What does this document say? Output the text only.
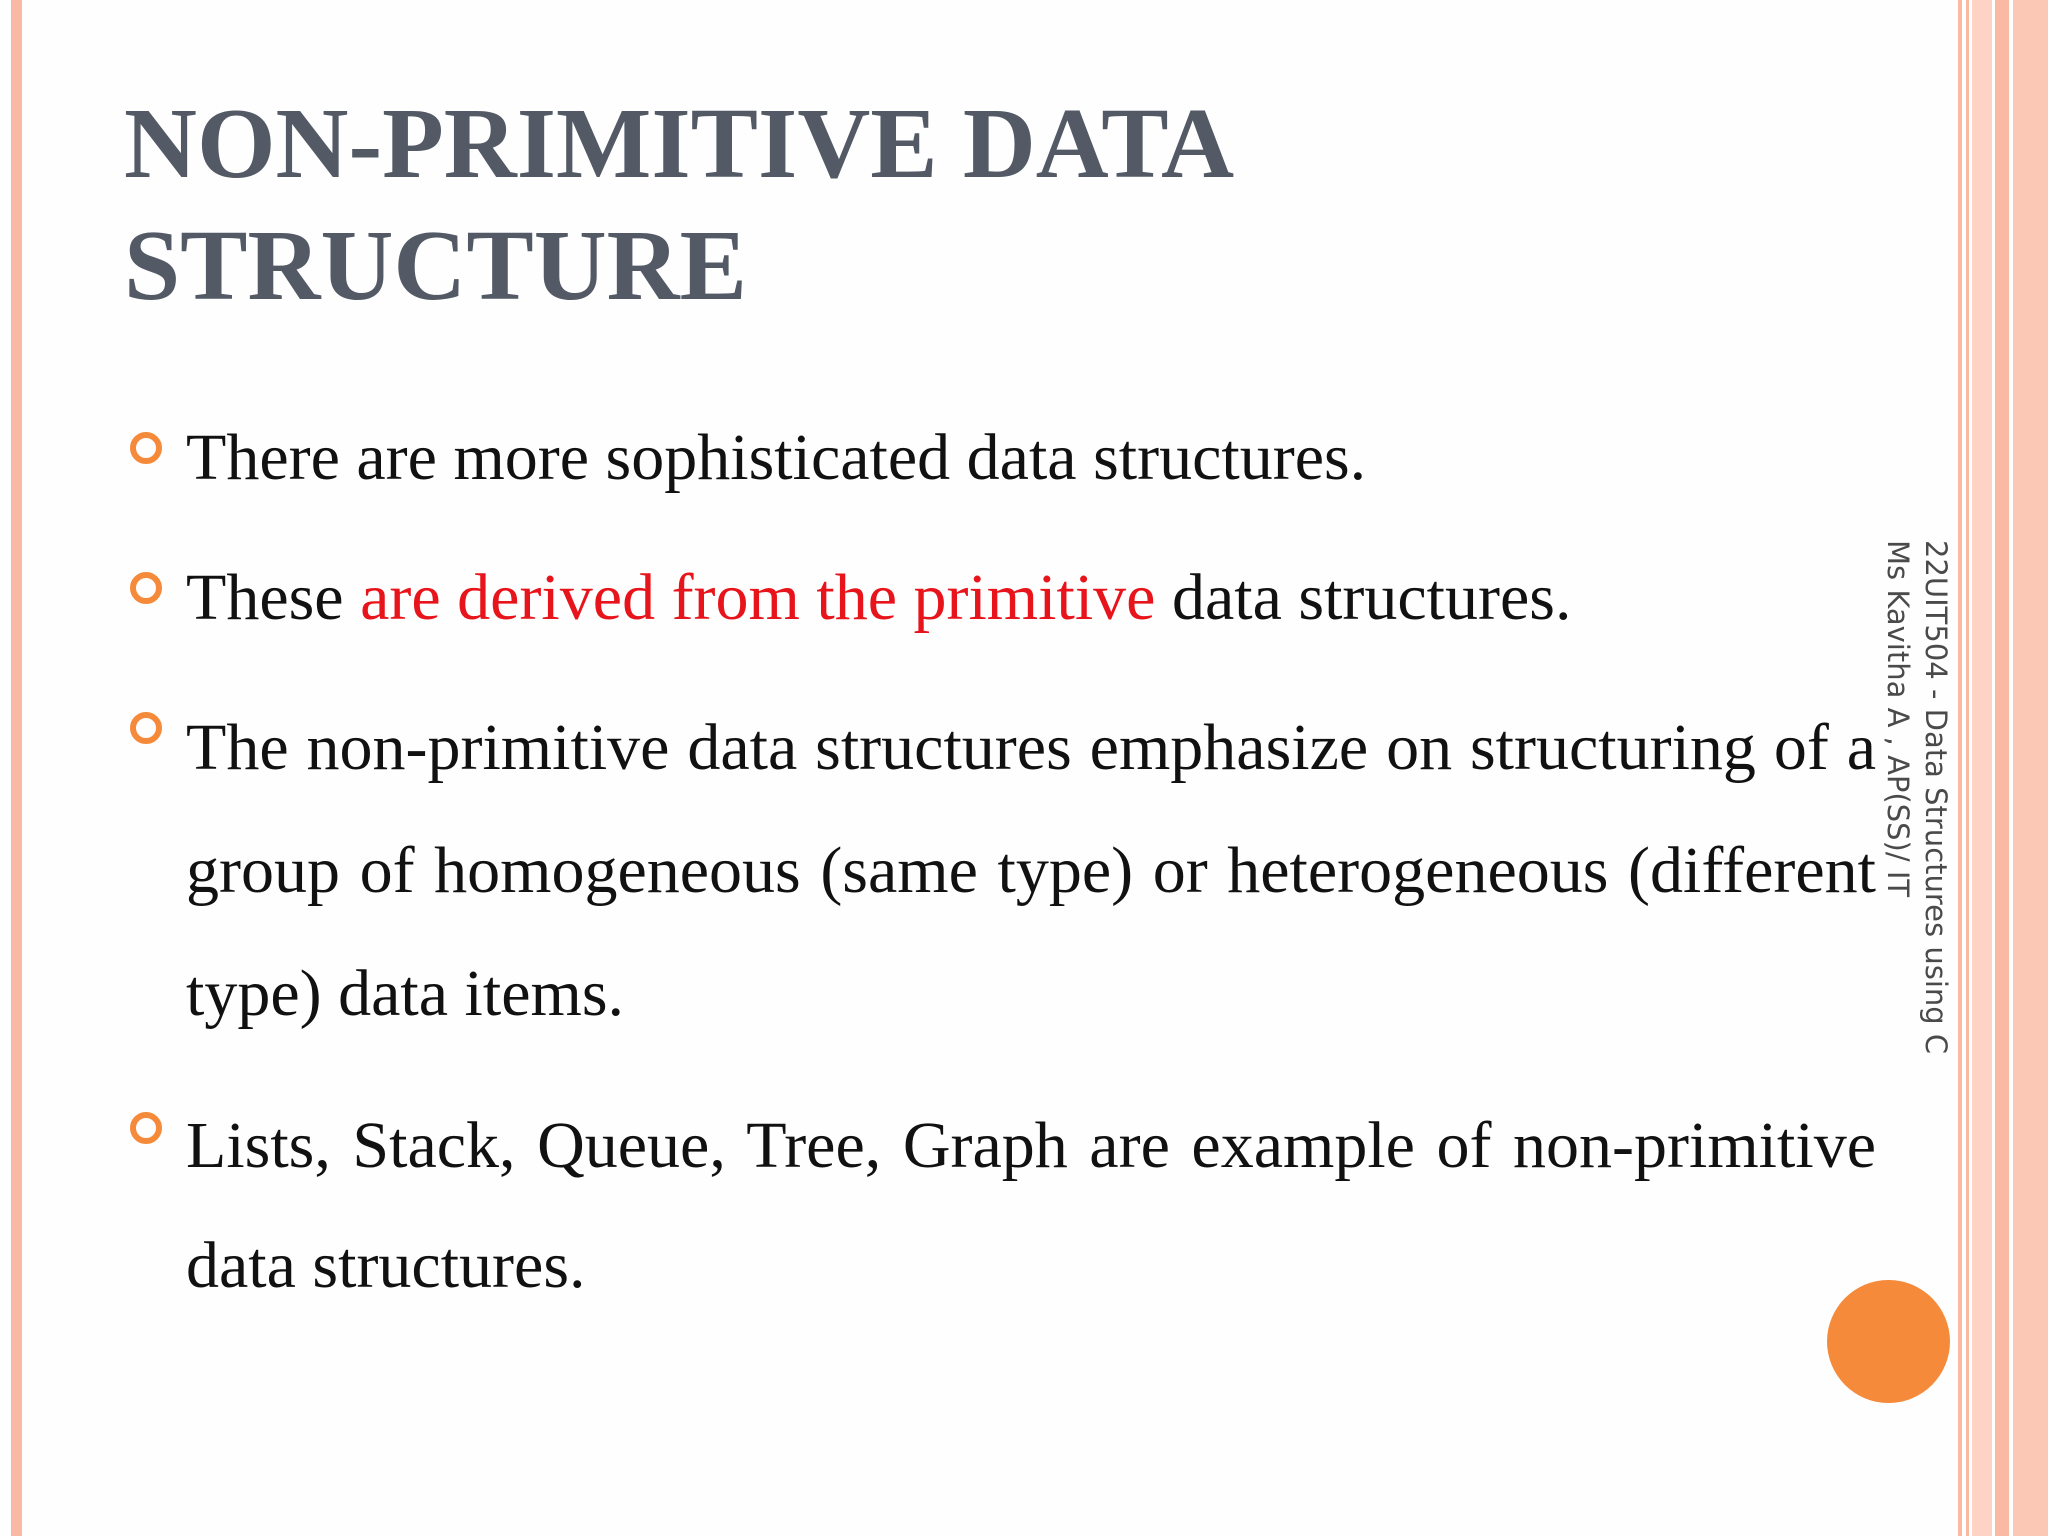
NON-PRIMITIVE DATA
STRUCTURE
There are more sophisticated data structures.
These are derived from the primitive data structures.
The non-primitive data structures emphasize on structuring of a group of homogeneous (same type) or heterogeneous (different type) data items.
Lists, Stack, Queue, Tree, Graph are example of non-primitive data structures.
22UIT504 - Data Structures using C
Ms Kavitha A , AP(SS)/ IT
